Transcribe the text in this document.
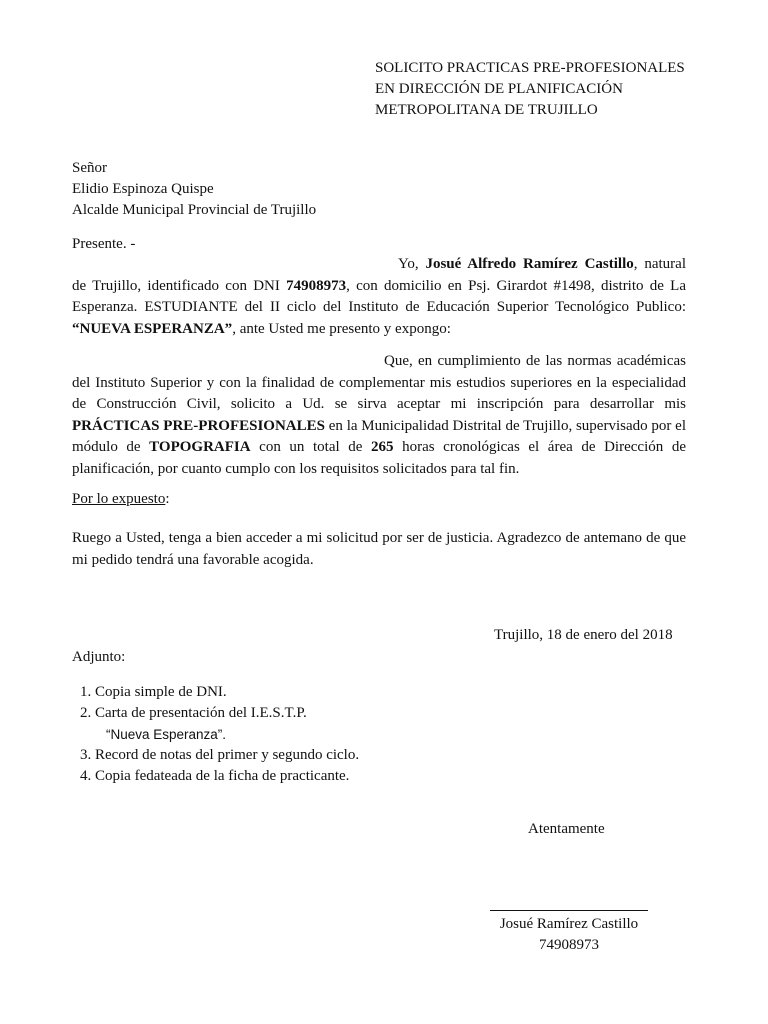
SOLICITO PRACTICAS PRE-PROFESIONALES
EN DIRECCIÓN DE PLANIFICACIÓN
METROPOLITANA DE TRUJILLO
Señor
Elidio Espinoza Quispe
Alcalde Municipal Provincial de Trujillo
Presente. -
Yo, Josué Alfredo Ramírez Castillo, natural de Trujillo, identificado con DNI 74908973, con domicilio en Psj. Girardot #1498, distrito de La Esperanza. ESTUDIANTE del II ciclo del Instituto de Educación Superior Tecnológico Publico: “NUEVA ESPERANZA”, ante Usted me presento y expongo:
Que, en cumplimiento de las normas académicas del Instituto Superior y con la finalidad de complementar mis estudios superiores en la especialidad de Construcción Civil, solicito a Ud. se sirva aceptar mi inscripción para desarrollar mis PRÁCTICAS PRE-PROFESIONALES en la Municipalidad Distrital de Trujillo, supervisado por el módulo de TOPOGRAFIA con un total de 265 horas cronológicas el área de Dirección de planificación, por cuanto cumplo con los requisitos solicitados para tal fin.
Por lo expuesto:
Ruego a Usted, tenga a bien acceder a mi solicitud por ser de justicia. Agradezco de antemano de que mi pedido tendrá una favorable acogida.
Trujillo, 18 de enero del 2018
Adjunto:
1. Copia simple de DNI.
2. Carta de presentación del I.E.S.T.P.
“Nueva Esperanza”.
3. Record de notas del primer y segundo ciclo.
4. Copia fedateada de la ficha de practicante.
Atentamente
Josué Ramírez Castillo
74908973
